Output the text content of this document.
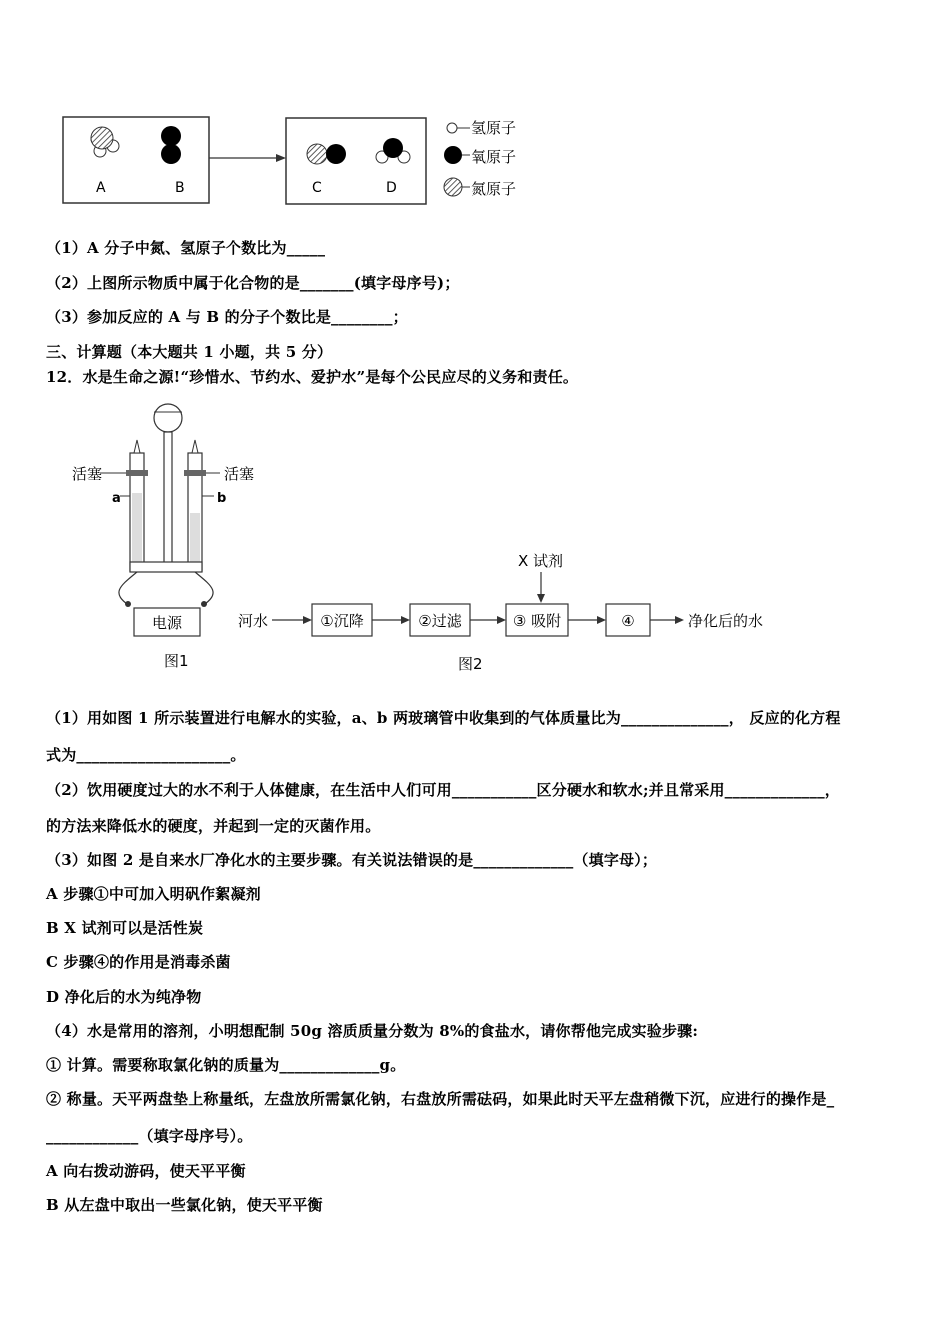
A	B	C	D
氢原子
氧原子
氮原子
（1）A 分子中氮、氢原子个数比为_____
（2）上图所示物质中属于化合物的是_______(填字母序号)；
（3）参加反应的 A 与 B 的分子个数比是________；
三、计算题（本大题共 1 小题，共 5 分）
12．水是生命之源!“珍惜水、节约水、爱护水”是每个公民应尽的义务和责任。
电源
活塞	活塞
a	b
图1
X 试剂
河水	①沉降	②过滤	③ 吸附	④	净化后的水
图2
（1）用如图 1 所示装置进行电解水的实验，a、b 两玻璃管中收集到的气体质量比为______________， 反应的化方程
式为____________________。
（2）饮用硬度过大的水不利于人体健康，在生活中人们可用___________区分硬水和软水;并且常采用_____________，
的方法来降低水的硬度，并起到一定的灭菌作用。
（3）如图 2 是自来水厂净化水的主要步骤。有关说法错误的是_____________（填字母）；
A 步骤①中可加入明矾作絮凝剂
B X 试剂可以是活性炭
C 步骤④的作用是消毒杀菌
D 净化后的水为纯净物
（4）水是常用的溶剂，小明想配制 50g 溶质质量分数为 8%的食盐水，请你帮他完成实验步骤:
① 计算。需要称取氯化钠的质量为_____________g。
② 称量。天平两盘垫上称量纸，左盘放所需氯化钠，右盘放所需砝码，如果此时天平左盘稍微下沉，应进行的操作是_
____________（填字母序号）。
A 向右拨动游码，使天平平衡
B 从左盘中取出一些氯化钠，使天平平衡
